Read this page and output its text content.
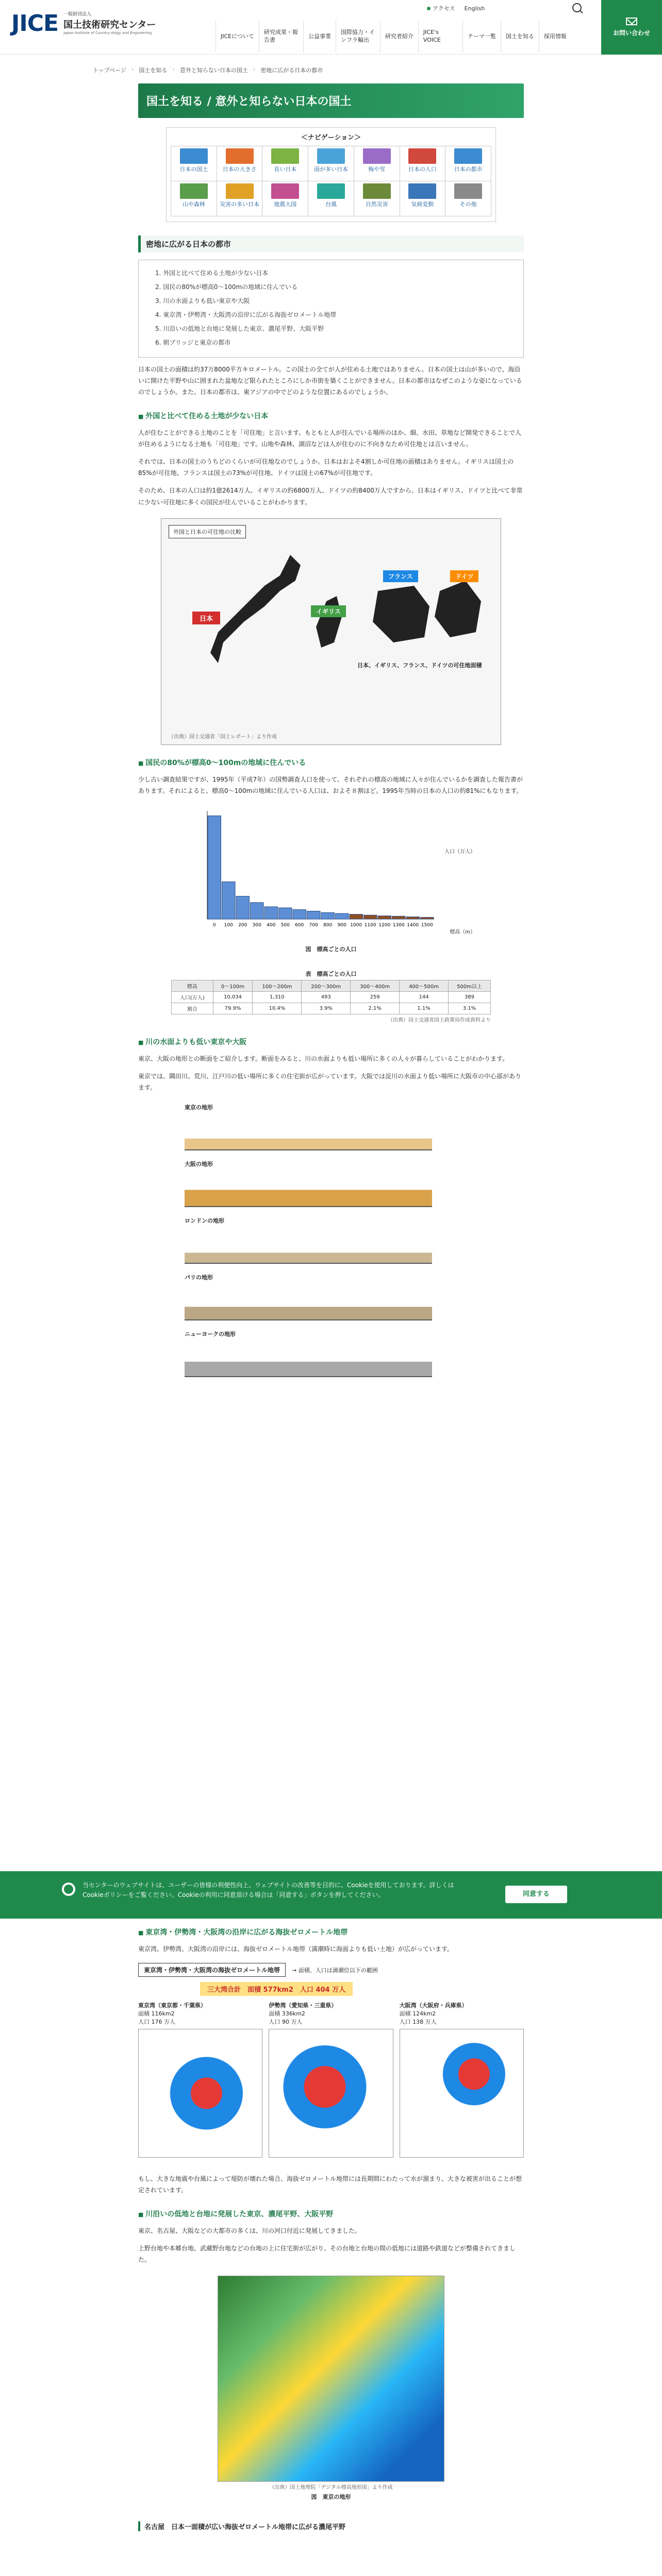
JICE 一般財団法人
国土技術研究センター
Japan Institute of Country-ology and Engineering
アクセス English
JICEについて
研究成果・報告書
公益事業
国際協力・インフラ輸出
研究者紹介
JICE's VOICE
テーマ一覧	国土を知る	採用情報	お問い合わせ
トップページ › 国土を知る › 意外と知らない日本の国土 › 密地に広がる日本の都市
国土を知る / 意外と知らない日本の国土
＜ナビゲーション＞
日本の国土	日本の大きさ	長い日本	雨が多い日本	梅や雪	日本の人口	日本の都市
山や森林	災害の多い日本	地震大国	台風	自然災害	気候変動	その他
密地に広がる日本の都市
1. 外国と比べて住める土地が少ない日本
2. 国民の80%が標高0〜100mの地域に住んでいる
3. 川の水面よりも低い東京や大阪
4. 東京湾・伊勢湾・大阪湾の沿岸に広がる海抜ゼロメートル地帯
5. 川沿いの低地と台地に発展した東京、濃尾平野、大阪平野
6. 朝ブリッジと東京の都市

日本の国土の面積は約37万8000平方キロメートル。この国土の全てが人が住める土地ではありません。日本の国土は山が多いので、海沿いに開けた平野や山に囲まれた盆地など限られたところにしか市街を築くことができません。日本の都市はなぜこのような姿になっているのでしょうか。また、日本の都市は、東アジアの中でどのような位置にあるのでしょうか。

■ 外国と比べて住める土地が少ない日本

人が住むことができる土地のことを「可住地」と言います。もともと人が住んでいる場所のほか、畑、水田、草地など開発できることで人が住めるようになる土地も「可住地」です。山地や森林、湖沼などは人が住むのに不向きなため可住地とは言いません。

それでは、日本の国土のうちどのくらいが可住地なのでしょうか。日本はおよそ4割しか可住地の面積はありません。イギリスは国土の85%が可住地、フランスは国土の73%が可住地、ドイツは国土の67%が可住地です。

そのため、日本の人口は約1億2614万人、イギリスの約6800万人、ドイツの約8400万人ですから、日本はイギリス、ドイツと比べて非常に少ない可住地に多くの国民が住んでいることがわかります。

外国と日本の可住地の比較
日本
イギリス
フランス	ドイツ
日本、イギリス、フランス、ドイツの可住地面積
（出典）国土交通省「国土レポート」より作成
■ 国民の80%が標高0〜100mの地域に住んでいる

少し古い調査結果ですが、1995年（平成7年）の国勢調査人口を使って、それぞれの標高の地域に人々が住んでいるかを調査した報告書があります。それによると、標高0〜100mの地域に住んでいる人口は、およそ８割ほど。1995年当時の日本の人口の約81%にもなります。

0 100 200 300 400 500 600 700 800 900 1000 1100 1200 1300 1400 1500
図　標高ごとの人口
人口（万人）
標高（m）
表　標高ごとの人口
標高	0〜100m	100〜200m	200〜300m	300〜400m	400〜500m	500m以上
人口(万人)	10,034	1,310	493	259	144	389
割合	79.9%	10.4%	3.9%	2.1%	1.1%	3.1%
（出典）国土交通省国土政策局作成資料より
■ 川の水面よりも低い東京や大阪

東京、大阪の地形との断面をご紹介します。断面をみると、川の水面よりも低い場所に多くの人々が暮らしていることがわかります。

東京では、隅田川、荒川、江戸川の低い場所に多くの住宅街が広がっています。大阪では淀川の水面より低い場所に大阪市の中心部があります。

東京の地形
大阪の地形
ロンドンの地形
パリの地形
ニューヨークの地形
当センターのウェブサイトは、ユーザーの皆様の利便性向上、ウェブサイトの改善等を目的に、Cookieを使用しております。詳しくはCookieポリシーをご覧ください。Cookieの利用に同意頂ける場合は「同意する」ボタンを押してください。	同意する
■ 東京湾・伊勢湾・大阪湾の沿岸に広がる海抜ゼロメートル地帯

東京湾、伊勢湾、大阪湾の沿岸には、海抜ゼロメートル地帯（満潮時に海面よりも低い土地）が広がっています。

東京湾・伊勢湾・大阪湾の海抜ゼロメートル地帯	→ 面積、人口は満潮位以下の範囲
三大湾合計　面積 577km2　人口 404 万人
東京湾（東京都・千葉県）
面積 116km2
人口 176 万人
伊勢湾（愛知県・三重県）
面積 336km2
人口 90 万人
大阪湾（大阪府・兵庫県）
面積 124km2
人口 138 万人

もし、大きな地震や台風によって堤防が壊れた場合、海抜ゼロメートル地帯には長期間にわたって水が溜まり、大きな被害が出ることが想定されています。

■ 川沿いの低地と台地に発展した東京、濃尾平野、大阪平野

東京、名古屋、大阪などの大都市の多くは、川の河口付近に発展してきました。

上野台地や本郷台地、武蔵野台地などの台地の上に住宅街が広がり、その台地と台地の間の低地には道路や鉄道などが整備されてきました。

（出典）国土地理院「デジタル標高地形図」より作成
図　東京の地形
名古屋　日本一面積が広い海抜ゼロメートル地帯に広がる濃尾平野
